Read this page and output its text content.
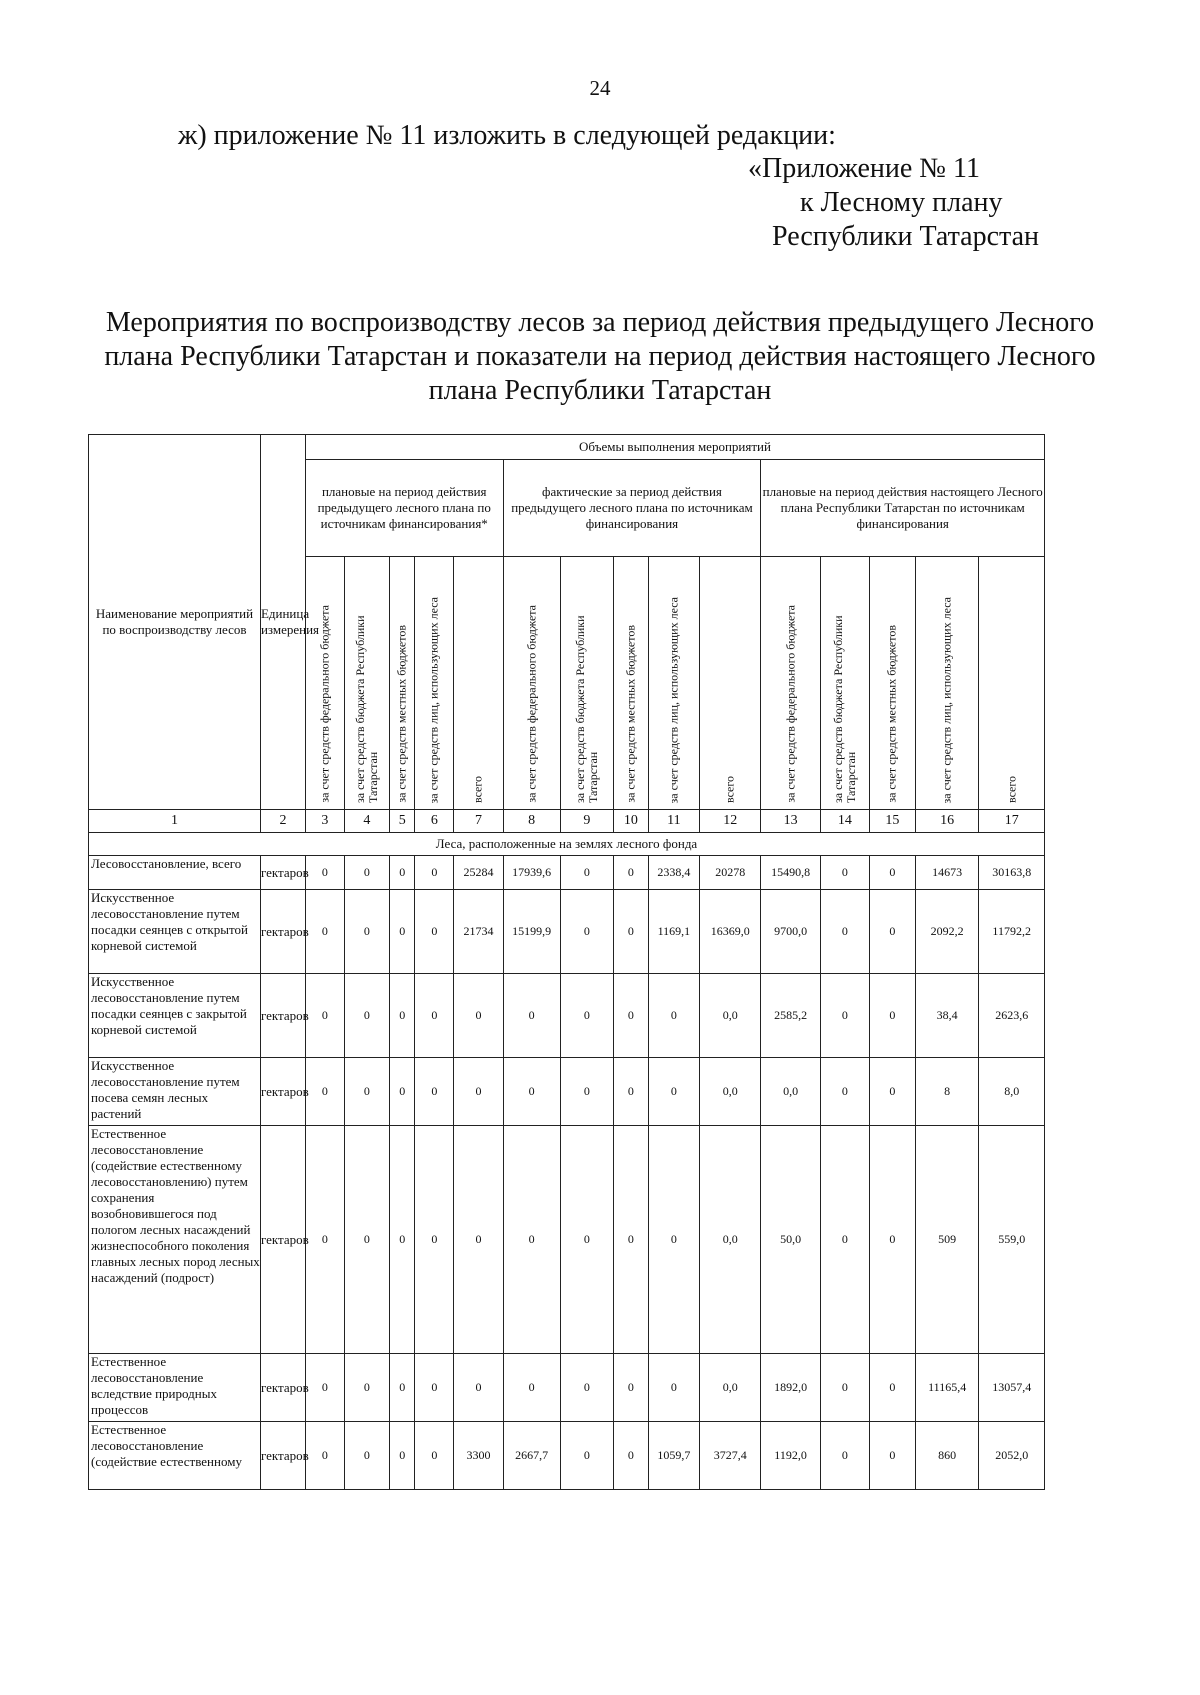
24
ж) приложение № 11 изложить в следующей редакции:
«Приложение № 11
к Лесному плану
Республики Татарстан
Мероприятия по воспроизводству лесов за период действия предыдущего Лесного плана Республики Татарстан и показатели на период действия настоящего Лесного плана Республики Татарстан
Наименование мероприятий по воспроизводству лесов	Единица измерения	Объемы выполнения мероприятий														
		плановые на период действия предыдущего лесного плана по источникам финансирования*					фактические за период действия предыдущего лесного плана по источникам финансирования					плановые на период действия настоящего Лесного плана Республики Татарстан по источникам финансирования				

		за счет средств федерального бюджета	за счет средств бюджета Республики Татарстан	за счет средств местных бюджетов	за счет средств лиц, использующих леса	всего	за счет средств федерального бюджета	за счет средств бюджета Республики Татарстан	за счет средств местных бюджетов	за счет средств лиц, использующих леса	всего	за счет средств федерального бюджета	за счет средств бюджета Республики Татарстан	за счет средств местных бюджетов	за счет средств лиц, использующих леса	всего

1	2	3	4	5	6	7	8	9	10	11	12	13	14	15	16	17
Леса, расположенные на землях лесного фонда																
Лесовосстановление, всего	гектаров	0	0	0	0	25284	17939,6	0	0	2338,4	20278	15490,8	0	0	14673	30163,8
Искусственное лесовосстановление путем посадки сеянцев с открытой корневой системой	гектаров	0	0	0	0	21734	15199,9	0	0	1169,1	16369,0	9700,0	0	0	2092,2	11792,2
Искусственное лесовосстановление путем посадки сеянцев с закрытой корневой системой	гектаров	0	0	0	0	0	0	0	0	0	0,0	2585,2	0	0	38,4	2623,6
Искусственное лесовосстановление путем посева семян лесных растений	гектаров	0	0	0	0	0	0	0	0	0	0,0	0,0	0	0	8	8,0
Естественное лесовосстановление (содействие естественному лесовосстановлению) путем сохранения возобновившегося под пологом лесных насаждений жизнеспособного поколения главных лесных пород лесных насаждений (подрост)	гектаров	0	0	0	0	0	0	0	0	0	0,0	50,0	0	0	509	559,0
Естественное лесовосстановление вследствие природных процессов	гектаров	0	0	0	0	0	0	0	0	0	0,0	1892,0	0	0	11165,4	13057,4
Естественное лесовосстановление (содействие естественному	гектаров	0	0	0	0	3300	2667,7	0	0	1059,7	3727,4	1192,0	0	0	860	2052,0
